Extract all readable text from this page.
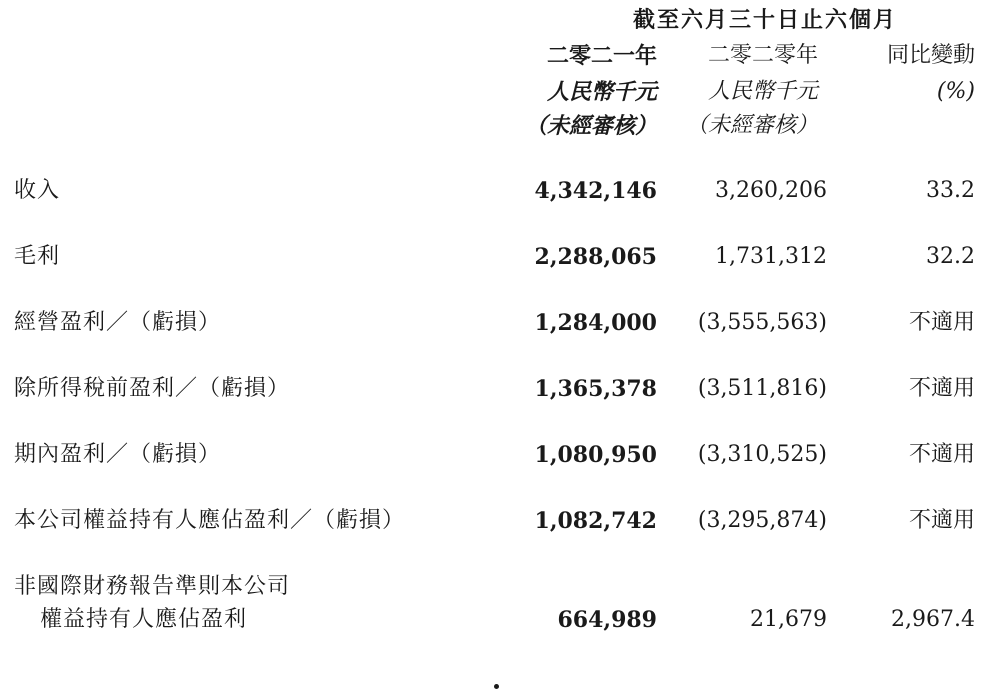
截至六月三十日止六個月
二零二一年
人民幣千元
（未經審核）
二零二零年
人民幣千元
（未經審核）
同比變動
(%)
收入	4,342,146	3,260,206	33.2
毛利	2,288,065	1,731,312	32.2
經營盈利／（虧損）	1,284,000 (3,555,563)	不適用
除所得稅前盈利／（虧損）	1,365,378 (3,511,816)	不適用
期內盈利／（虧損）	1,080,950 (3,310,525)	不適用
本公司權益持有人應佔盈利／（虧損）	1,082,742 (3,295,874)	不適用
非國際財務報告準則本公司
權益持有人應佔盈利	664,989	21,679	2,967.4
